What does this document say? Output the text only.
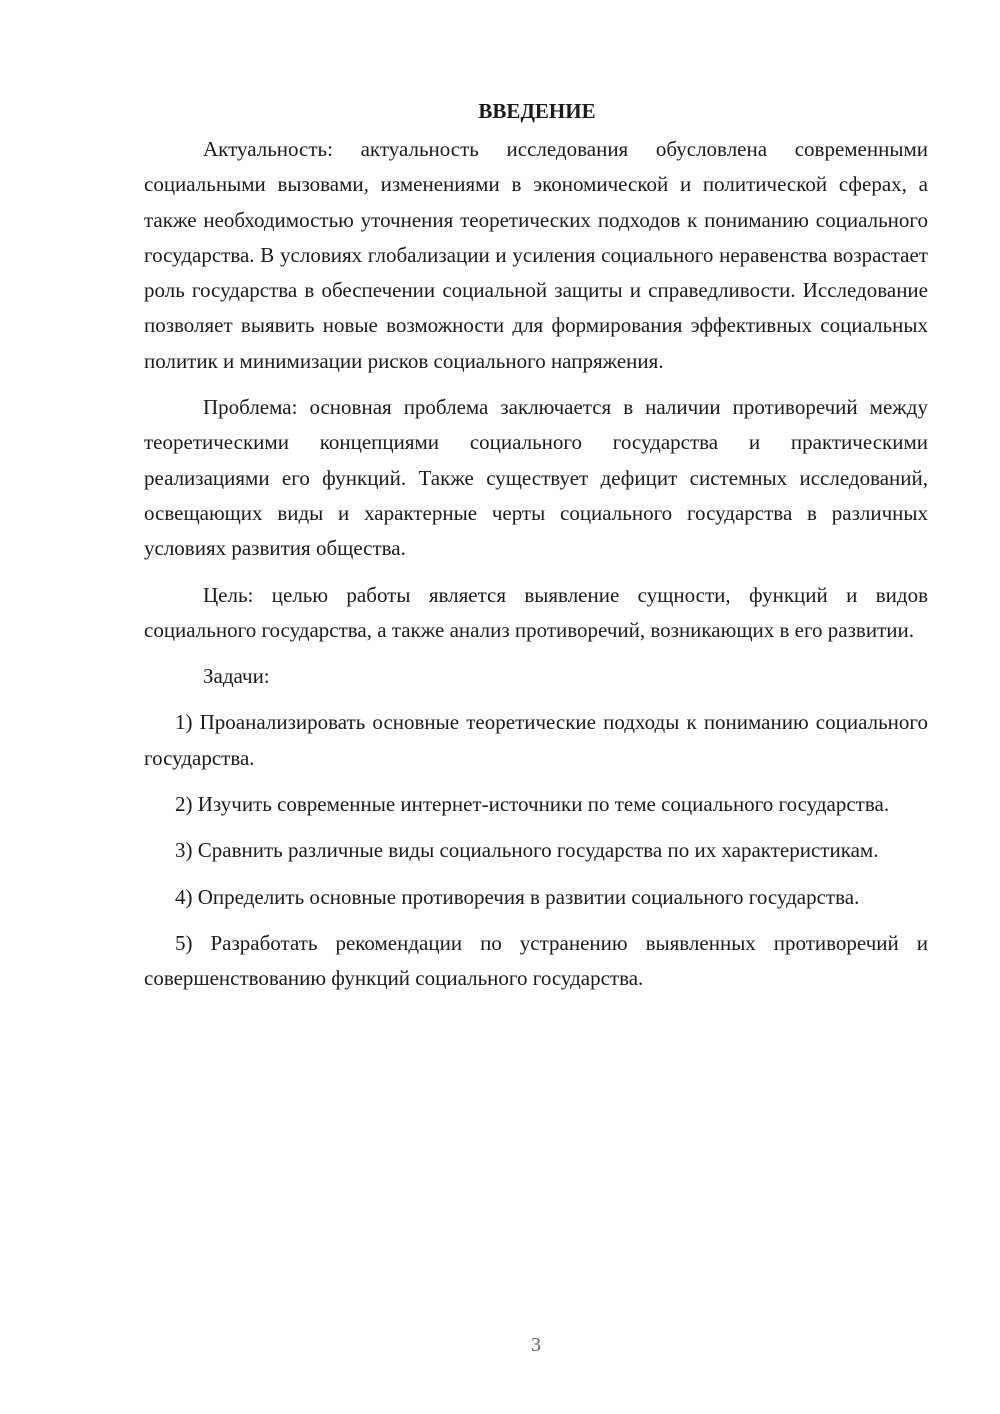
ВВЕДЕНИЕ

Актуальность: актуальность исследования обусловлена современными социальными вызовами, изменениями в экономической и политической сферах, а также необходимостью уточнения теоретических подходов к пониманию социального государства. В условиях глобализации и усиления социального неравенства возрастает роль государства в обеспечении социальной защиты и справедливости. Исследование позволяет выявить новые возможности для формирования эффективных социальных политик и минимизации рисков социального напряжения.

Проблема: основная проблема заключается в наличии противоречий между теоретическими концепциями социального государства и практическими реализациями его функций. Также существует дефицит системных исследований, освещающих виды и характерные черты социального государства в различных условиях развития общества.

Цель: целью работы является выявление сущности, функций и видов социального государства, а также анализ противоречий, возникающих в его развитии.

Задачи:

1) Проанализировать основные теоретические подходы к пониманию социального государства.

2) Изучить современные интернет-источники по теме социального государства.

3) Сравнить различные виды социального государства по их характеристикам.

4) Определить основные противоречия в развитии социального государства.

5) Разработать рекомендации по устранению выявленных противоречий и совершенствованию функций социального государства.

3
